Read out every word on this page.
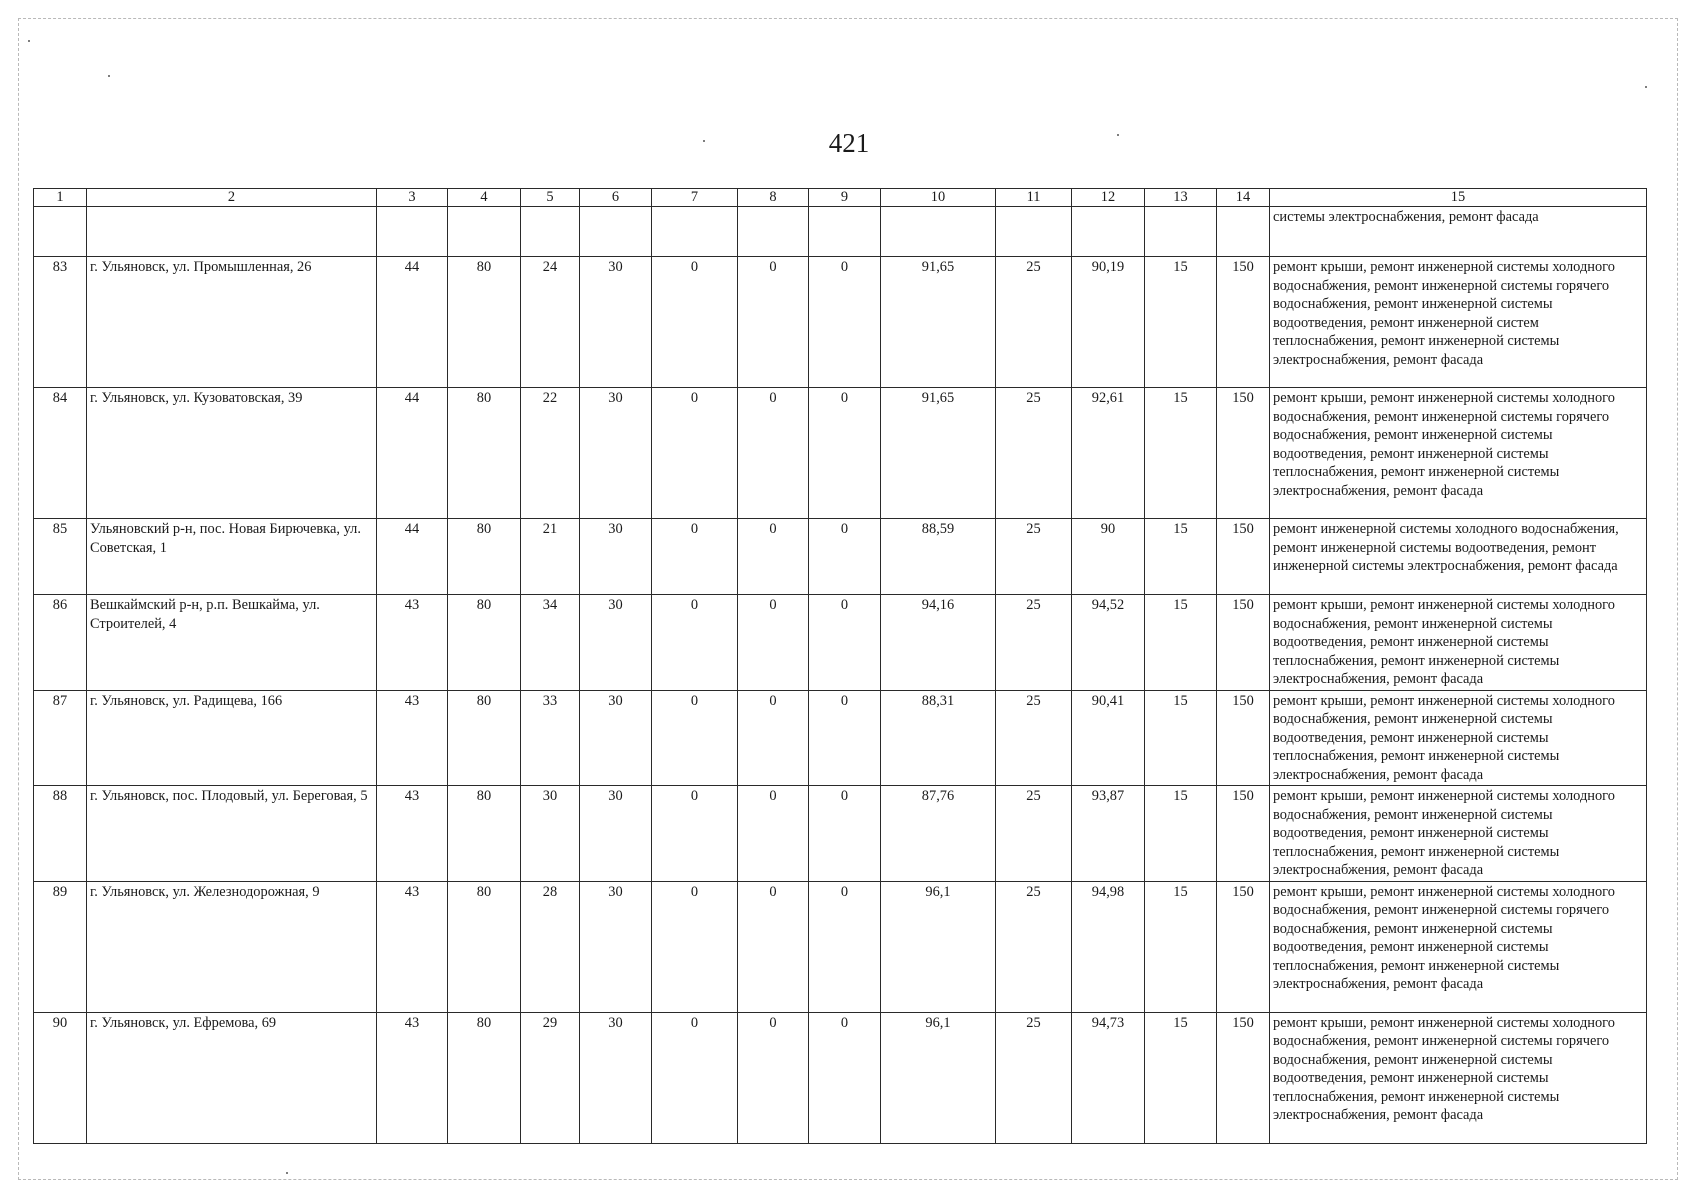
421
1	2	3	4	5	6	7	8	9	10	11	12	13	14	15
														системы электроснабжения, ремонт фасада
83	г. Ульяновск, ул. Промышленная, 26	44	80	24	30	0	0	0	91,65	25	90,19	15	150	ремонт крыши, ремонт инженерной системы холодного водоснабжения, ремонт инженерной системы горячего водоснабжения, ремонт инженерной системы водоотведения, ремонт инженерной систем теплоснабжения, ремонт инженерной системы электроснабжения, ремонт фасада
84	г. Ульяновск, ул. Кузоватовская, 39	44	80	22	30	0	0	0	91,65	25	92,61	15	150	ремонт крыши, ремонт инженерной системы холодного водоснабжения, ремонт инженерной системы горячего водоснабжения, ремонт инженерной системы водоотведения, ремонт инженерной системы теплоснабжения, ремонт инженерной системы электроснабжения, ремонт фасада
85	Ульяновский р-н, пос. Новая Бирючевка, ул. Советская, 1	44	80	21	30	0	0	0	88,59	25	90	15	150	ремонт инженерной системы холодного водоснабжения, ремонт инженерной системы водоотведения, ремонт инженерной системы электроснабжения, ремонт фасада
86	Вешкаймский р-н, р.п. Вешкайма, ул. Строителей, 4	43	80	34	30	0	0	0	94,16	25	94,52	15	150	ремонт крыши, ремонт инженерной системы холодного водоснабжения, ремонт инженерной системы водоотведения, ремонт инженерной системы теплоснабжения, ремонт инженерной системы электроснабжения, ремонт фасада
87	г. Ульяновск, ул. Радищева, 166	43	80	33	30	0	0	0	88,31	25	90,41	15	150	ремонт крыши, ремонт инженерной системы холодного водоснабжения, ремонт инженерной системы водоотведения, ремонт инженерной системы теплоснабжения, ремонт инженерной системы электроснабжения, ремонт фасада
88	г. Ульяновск, пос. Плодовый, ул. Береговая, 5	43	80	30	30	0	0	0	87,76	25	93,87	15	150	ремонт крыши, ремонт инженерной системы холодного водоснабжения, ремонт инженерной системы водоотведения, ремонт инженерной системы теплоснабжения, ремонт инженерной системы электроснабжения, ремонт фасада
89	г. Ульяновск, ул. Железнодорожная, 9	43	80	28	30	0	0	0	96,1	25	94,98	15	150	ремонт крыши, ремонт инженерной системы холодного водоснабжения, ремонт инженерной системы горячего водоснабжения, ремонт инженерной системы водоотведения, ремонт инженерной системы теплоснабжения, ремонт инженерной системы электроснабжения, ремонт фасада
90	г. Ульяновск, ул. Ефремова, 69	43	80	29	30	0	0	0	96,1	25	94,73	15	150	ремонт крыши, ремонт инженерной системы холодного водоснабжения, ремонт инженерной системы горячего водоснабжения, ремонт инженерной системы водоотведения, ремонт инженерной системы теплоснабжения, ремонт инженерной системы электроснабжения, ремонт фасада
